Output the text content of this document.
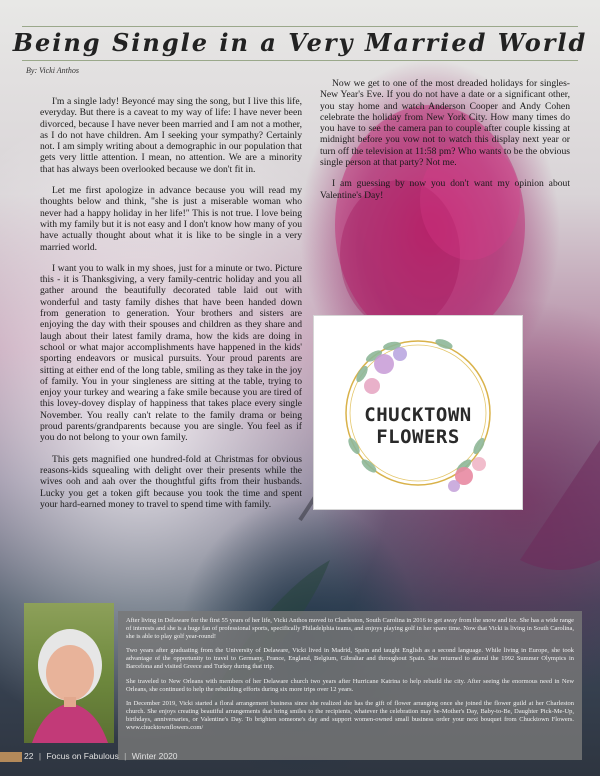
Being Single in a Very Married World
By: Vicki Anthos

I'm a single lady! Beyoncé may sing the song, but I live this life, everyday. But there is a caveat to my way of life: I have never been divorced, because I have never been married and I am not a mother, as I do not have children. Am I seeking your sympathy? Certainly not. I am simply writing about a demographic in our population that gets very little attention. I mean, no attention. We are a minority that has always been overlooked because we don't fit in.

Let me first apologize in advance because you will read my thoughts below and think, "she is just a miserable woman who never had a happy holiday in her life!" This is not true. I love being with my family but it is not easy and I don't know how many of you have actually thought about what it is like to be single in a very married world.

I want you to walk in my shoes, just for a minute or two. Picture this - it is Thanksgiving, a very family-centric holiday and you all gather around the beautifully decorated table laid out with wonderful and tasty family dishes that have been handed down from generation to generation. Your brothers and sisters are enjoying the day with their spouses and children as they share and laugh about their latest family drama, how the kids are doing in school or what major accomplishments have happened in the kids' sporting endeavors or musical pursuits. Your proud parents are sitting at either end of the long table, smiling as they take in the joy of family. You in your singleness are sitting at the table, trying to enjoy your turkey and wearing a fake smile because you are tired of this lovey-dovey display of happiness that takes place every single November. You really can't relate to the family drama or being proud parents/grandparents because you are single. You feel as if you do not belong to your own family.

This gets magnified one hundred-fold at Christmas for obvious reasons-kids squealing with delight over their presents while the wives ooh and aah over the thoughtful gifts from their husbands. Lucky you get a token gift because you took the time and spent your hard-earned money to travel to spend time with family.

Now we get to one of the most dreaded holidays for singles- New Year's Eve. If you do not have a date or a significant other, you stay home and watch Anderson Cooper and Andy Cohen celebrate the holiday from New York City. How many times do you have to see the camera pan to couple after couple kissing at midnight before you vow not to watch this display next year or turn off the television at 11:58 pm? Who wants to be the obvious single person at that party? Not me.

I am guessing by now you don't want my opinion about Valentine's Day!

CHUCKTOWN
FLOWERS

After living in Delaware for the first 55 years of her life, Vicki Anthos moved to Charleston, South Carolina in 2016 to get away from the snow and ice. She has a wide range of interests and she is a huge fan of professional sports, specifically Philadelphia teams, and enjoys playing golf in her spare time. Now that Vicki is living in South Carolina, she is able to play golf year-round!

Two years after graduating from the University of Delaware, Vicki lived in Madrid, Spain and taught English as a second language. While living in Europe, she took advantage of the opportunity to travel to Germany, France, England, Belgium, Gibraltar and throughout Spain. She returned to attend the 1992 Summer Olympics in Barcelona and visited Greece and Turkey during that trip.

She traveled to New Orleans with members of her Delaware church two years after Hurricane Katrina to help rebuild the city. After seeing the enormous need in New Orleans, she continued to help the rebuilding efforts during six more trips over 12 years.

In December 2019, Vicki started a floral arrangement business since she realized she has the gift of flower arranging once she joined the flower guild at her Charleston church. She enjoys creating beautiful arrangements that bring smiles to the recipients, whatever the celebration may be-Mother's Day, Baby-to-Be, Daughter Pick-Me-Up, birthdays, anniversaries, or Valentine's Day. To brighten someone's day and support women-owned small business order your next bouquet from Chucktown Flowers. www.chucktownflowers.com/

22 | Focus on Fabulous | Winter 2020
